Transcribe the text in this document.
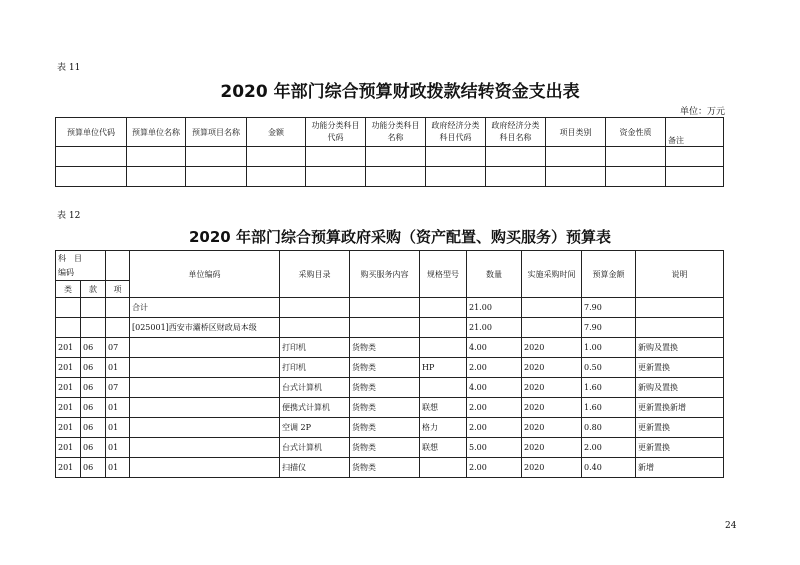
表 11
2020 年部门综合预算财政拨款结转资金支出表
单位：万元
预算单位代码	预算单位名称	预算项目名称	金额	功能分类科目代码	功能分类科目名称	政府经济分类科目代码	政府经济分类科目名称	项目类别	资金性质	备注

表 12
2020 年部门综合预算政府采购（资产配置、购买服务）预算表
科　目			单位编码	采购目录	购买服务内容	规格型号	数量	实施采购时间	预算金额	说明
编码										
类	款	项								
			合计				21.00		7.90	
			[025001]西安市灞桥区财政局本级				21.00		7.90	
201	06	07		打印机	货物类		4.00	2020	1.00	新购及置换
201	06	01		打印机	货物类	HP	2.00	2020	0.50	更新置换
201	06	07		台式计算机	货物类		4.00	2020	1.60	新购及置换
201	06	01		便携式计算机	货物类	联想	2.00	2020	1.60	更新置换新增
201	06	01		空调 2P	货物类	格力	2.00	2020	0.80	更新置换
201	06	01		台式计算机	货物类	联想	5.00	2020	2.00	更新置换
201	06	01		扫描仪	货物类		2.00	2020	0.40	新增
24
